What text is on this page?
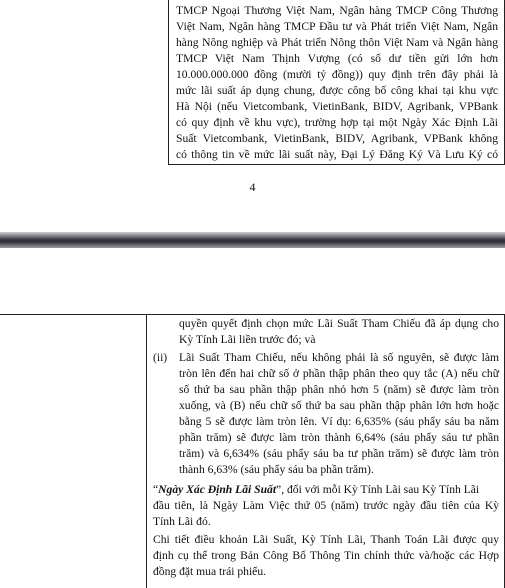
TMCP Ngoại Thương Việt Nam, Ngân hàng TMCP Công Thương
Việt Nam, Ngân hàng TMCP Đầu tư và Phát triển Việt Nam, Ngân
hàng Nông nghiệp và Phát triển Nông thôn Việt Nam và Ngân hàng
TMCP Việt Nam Thịnh Vượng (có số dư tiền gửi lớn hơn
10.000.000.000 đồng (mười tỷ đồng)) quy định trên đây phải là
mức lãi suất áp dụng chung, được công bố công khai tại khu vực
Hà Nội (nếu Vietcombank, VietinBank, BIDV, Agribank, VPBank
có quy định về khu vực), trường hợp tại một Ngày Xác Định Lãi
Suất Vietcombank, VietinBank, BIDV, Agribank, VPBank không
có thông tin về mức lãi suất này, Đại Lý Đăng Ký Và Lưu Ký có
4
quyền quyết định chọn mức Lãi Suất Tham Chiếu đã áp dụng cho
Kỳ Tính Lãi liền trước đó; và
(ii) Lãi Suất Tham Chiếu, nếu không phải là số nguyên, sẽ được làm
tròn lên đến hai chữ số ở phần thập phân theo quy tắc (A) nếu chữ
số thứ ba sau phần thập phân nhỏ hơn 5 (năm) sẽ được làm tròn
xuống, và (B) nếu chữ số thứ ba sau phần thập phân lớn hơn hoặc
bằng 5 sẽ được làm tròn lên. Ví dụ: 6,635% (sáu phẩy sáu ba năm
phần trăm) sẽ được làm tròn thành 6,64% (sáu phẩy sáu tư phần
trăm) và 6,634% (sáu phẩy sáu ba tư phần trăm) sẽ được làm tròn
thành 6,63% (sáu phẩy sáu ba phần trăm).
“Ngày Xác Định Lãi Suất”, đối với mỗi Kỳ Tính Lãi sau Kỳ Tính Lãi
đầu tiên, là Ngày Làm Việc thứ 05 (năm) trước ngày đầu tiên của Kỳ
Tính Lãi đó.
Chi tiết điều khoản Lãi Suất, Kỳ Tính Lãi, Thanh Toán Lãi được quy
định cụ thể trong Bản Công Bố Thông Tin chính thức và/hoặc các Hợp
đồng đặt mua trái phiếu.
